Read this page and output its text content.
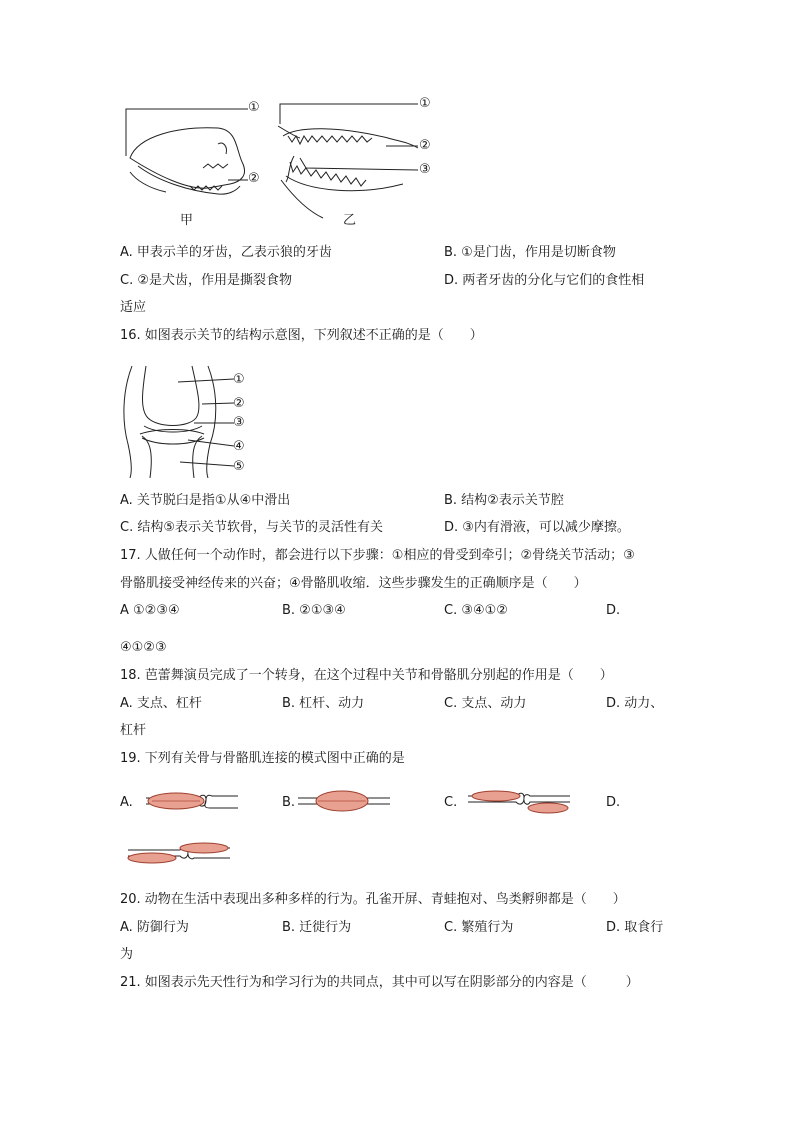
①
②
①
②
③
甲	乙
A. 甲表示羊的牙齿，乙表示狼的牙齿	B. ①是门齿，作用是切断食物
C. ②是犬齿，作用是撕裂食物	D. 两者牙齿的分化与它们的食性相
适应
16. 如图表示关节的结构示意图，下列叙述不正确的是（　　）
①
②
③
④
⑤
A. 关节脱臼是指①从④中滑出	B. 结构②表示关节腔
C. 结构⑤表示关节软骨，与关节的灵活性有关	D. ③内有滑液，可以减少摩擦。
17. 人做任何一个动作时，都会进行以下步骤：①相应的骨受到牵引；②骨绕关节活动；③
骨骼肌接受神经传来的兴奋；④骨骼肌收缩．这些步骤发生的正确顺序是（　　）
A ①②③④	B. ②①③④	C. ③④①②	D.
④①②③
18. 芭蕾舞演员完成了一个转身，在这个过程中关节和骨骼肌分别起的作用是（　　）
A. 支点、杠杆	B. 杠杆、动力	C. 支点、动力	D. 动力、
杠杆
19. 下列有关骨与骨骼肌连接的模式图中正确的是
A.	B.	C.	D.
20. 动物在生活中表现出多种多样的行为。孔雀开屏、青蛙抱对、鸟类孵卵都是（　　）
A. 防御行为	B. 迁徙行为	C. 繁殖行为	D. 取食行
为
21. 如图表示先天性行为和学习行为的共同点，其中可以写在阴影部分的内容是（　　　）
